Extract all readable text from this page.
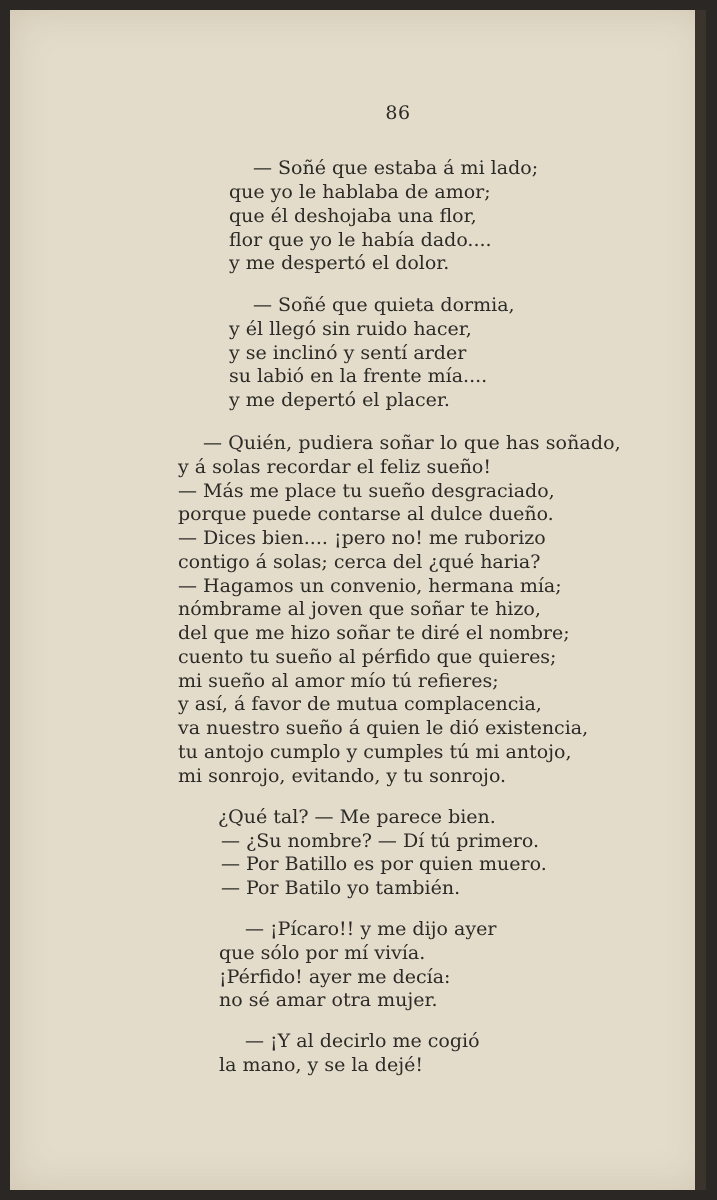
86
— Soñé que estaba á mi lado;
que yo le hablaba de amor;
que él deshojaba una flor,
flor que yo le había dado....
y me despertó el dolor.
— Soñé que quieta dormia,
y él llegó sin ruido hacer,
y se inclinó y sentí arder
su labió en la frente mía....
y me depertó el placer.
— Quién, pudiera soñar lo que has soñado,
y á solas recordar el feliz sueño!
— Más me place tu sueño desgraciado,
porque puede contarse al dulce dueño.
— Dices bien.... ¡pero no! me ruborizo
contigo á solas; cerca del ¿qué haria?
— Hagamos un convenio, hermana mía;
nómbrame al joven que soñar te hizo,
del que me hizo soñar te diré el nombre;
cuento tu sueño al pérfido que quieres;
mi sueño al amor mío tú refieres;
y así, á favor de mutua complacencia,
va nuestro sueño á quien le dió existencia,
tu antojo cumplo y cumples tú mi antojo,
mi sonrojo, evitando, y tu sonrojo.
¿Qué tal? — Me parece bien.
— ¿Su nombre? — Dí tú primero.
— Por Batillo es por quien muero.
— Por Batilo yo también.
— ¡Pícaro!! y me dijo ayer
que sólo por mí vivía.
¡Pérfido! ayer me decía:
no sé amar otra mujer.
— ¡Y al decirlo me cogió
la mano, y se la dejé!
